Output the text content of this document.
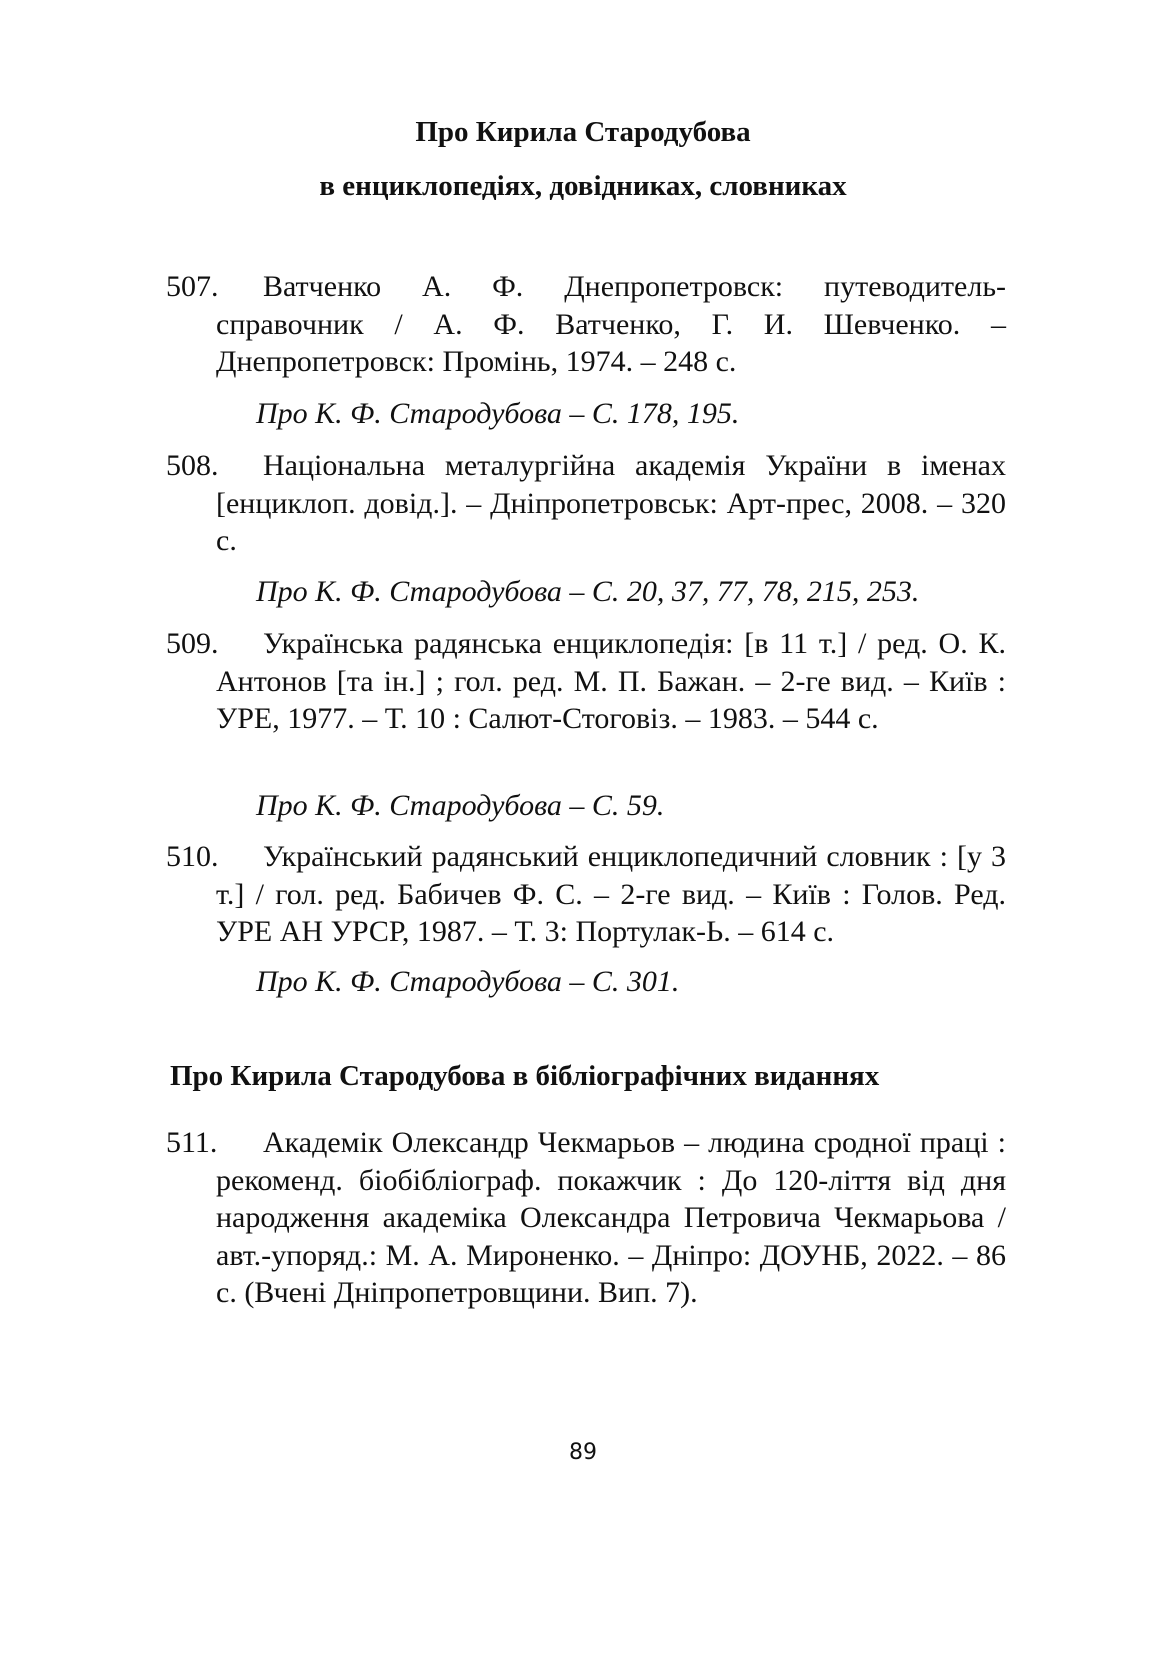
Про Кирила Стародубова
в енциклопедіях, довідниках, словниках
507. Ватченко А. Ф. Днепропетровск: путеводитель-справочник / А. Ф. Ватченко, Г. И. Шевченко. – Днепропетровск: Промінь, 1974. – 248 с.
Про К. Ф. Стародубова – С. 178, 195.
508. Національна металургійна академія України в іменах [енциклоп. довід.]. – Дніпропетровськ: Арт-прес, 2008. – 320 с.
Про К. Ф. Стародубова – С. 20, 37, 77, 78, 215, 253.
509. Українська радянська енциклопедія: [в 11 т.] / ред. О. К. Антонов [та ін.] ; гол. ред. М. П. Бажан. – 2-ге вид. – Київ : УРЕ, 1977. – Т. 10 : Салют-Стоговіз. – 1983. – 544 с.
Про К. Ф. Стародубова – С. 59.
510. Український радянський енциклопедичний словник : [у 3 т.] / гол. ред. Бабичев Ф. С. – 2-ге вид. – Київ : Голов. Ред. УРЕ АН УРСР, 1987. – Т. 3: Портулак-Ь. – 614 с.
Про К. Ф. Стародубова – С. 301.
Про Кирила Стародубова в бібліографічних виданнях
511. Академік Олександр Чекмарьов – людина сродної праці : рекоменд. біобібліограф. покажчик : До 120-ліття від дня народження академіка Олександра Петровича Чекмарьова / авт.-упоряд.: М. А. Мироненко. – Дніпро: ДОУНБ, 2022. – 86 с. (Вчені Дніпропетровщини. Вип. 7).
89
